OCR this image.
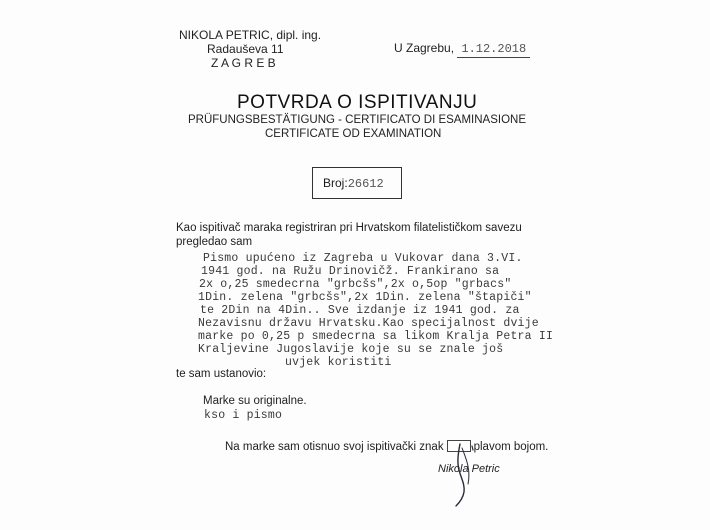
NIKOLA PETRIC, dipl. ing.
Radauševa 11
Z A G R E B
U Zagrebu, 1.12.2018
POTVRDA O ISPITIVANJU
PRÜFUNGSBESTÄTIGUNG - CERTIFICATO DI ESAMINASIONE
CERTIFICATE OD EXAMINATION
Broj:26612
Kao ispitivač maraka registriran pri Hrvatskom filatelističkom savezu
pregledao sam
Pismo upućeno iz Zagreba u Vukovar dana 3.VI.
1941 god. na Ružu Drinovičž. Frankirano sa
2x o,25 smedecrna "grbcšs",2x o,5op "grbacs"
1Din. zelena "grbcšs",2x 1Din. zelena "štapiči"
te 2Din na 4Din.. Sve izdanje iz 1941 god. za
Nezavisnu državu Hrvatsku.Kao specijalnost dvije
marke po 0,25 p smedecrna sa likom Kralja Petra II
Kraljevine Jugoslavije koje su se znale još
uvjek koristiti
te sam ustanovio:
Marke su originalne.
kso i pismo
Na marke sam otisnuo svoj ispitivački znak	plavom bojom.
Nikola Petric
